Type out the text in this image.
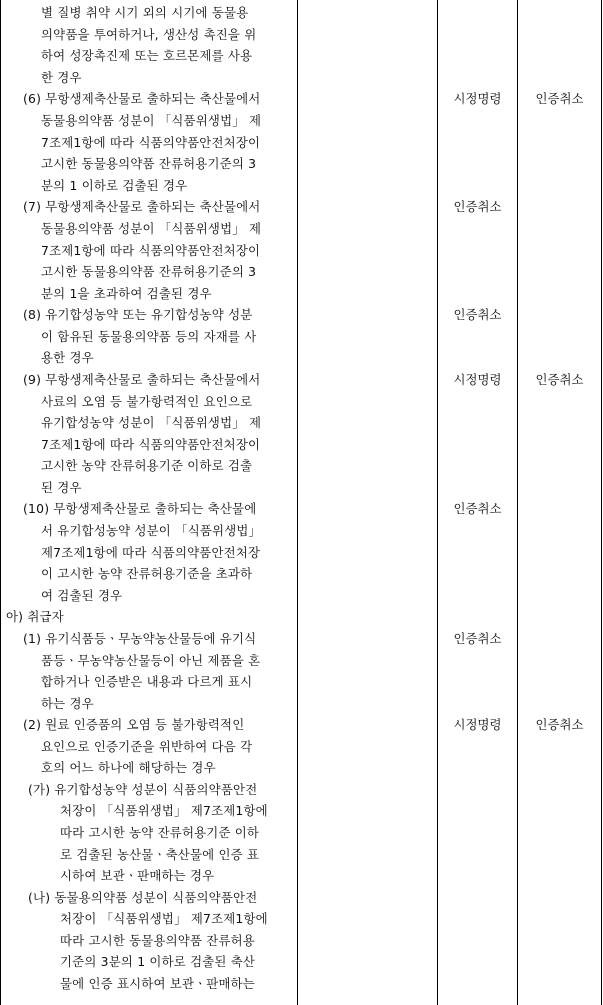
별 질병 취약 시기 외의 시기에 동물용
의약품을 투여하거나, 생산성 촉진을 위
하여 성장촉진제 또는 호르몬제를 사용
한 경우
(6) 무항생제축산물로 출하되는 축산물에서
동물용의약품 성분이 「식품위생법」 제
7조제1항에 따라 식품의약품안전처장이
고시한 동물용의약품 잔류허용기준의 3
분의 1 이하로 검출된 경우
시정명령	인증취소
(7) 무항생제축산물로 출하되는 축산물에서
동물용의약품 성분이 「식품위생법」 제
7조제1항에 따라 식품의약품안전처장이
고시한 동물용의약품 잔류허용기준의 3
분의 1을 초과하여 검출된 경우
인증취소
(8) 유기합성농약 또는 유기합성농약 성분
이 함유된 동물용의약품 등의 자재를 사
용한 경우
인증취소
(9) 무항생제축산물로 출하되는 축산물에서
사료의 오염 등 불가항력적인 요인으로
유기합성농약 성분이 「식품위생법」 제
7조제1항에 따라 식품의약품안전처장이
고시한 농약 잔류허용기준 이하로 검출
된 경우
시정명령	인증취소
(10) 무항생제축산물로 출하되는 축산물에
서 유기합성농약 성분이 「식품위생법」
제7조제1항에 따라 식품의약품안전처장
이 고시한 농약 잔류허용기준을 초과하
여 검출된 경우
인증취소
아) 취급자
(1) 유기식품등ㆍ무농약농산물등에 유기식
품등ㆍ무농약농산물등이 아닌 제품을 혼
합하거나 인증받은 내용과 다르게 표시
하는 경우
인증취소
(2) 원료 인증품의 오염 등 불가항력적인
요인으로 인증기준을 위반하여 다음 각
호의 어느 하나에 해당하는 경우
시정명령	인증취소
(가) 유기합성농약 성분이 식품의약품안전
처장이 「식품위생법」 제7조제1항에
따라 고시한 농약 잔류허용기준 이하
로 검출된 농산물ㆍ축산물에 인증 표
시하여 보관ㆍ판매하는 경우
(나) 동물용의약품 성분이 식품의약품안전
처장이 「식품위생법」 제7조제1항에
따라 고시한 동물용의약품 잔류허용
기준의 3분의 1 이하로 검출된 축산
물에 인증 표시하여 보관ㆍ판매하는
